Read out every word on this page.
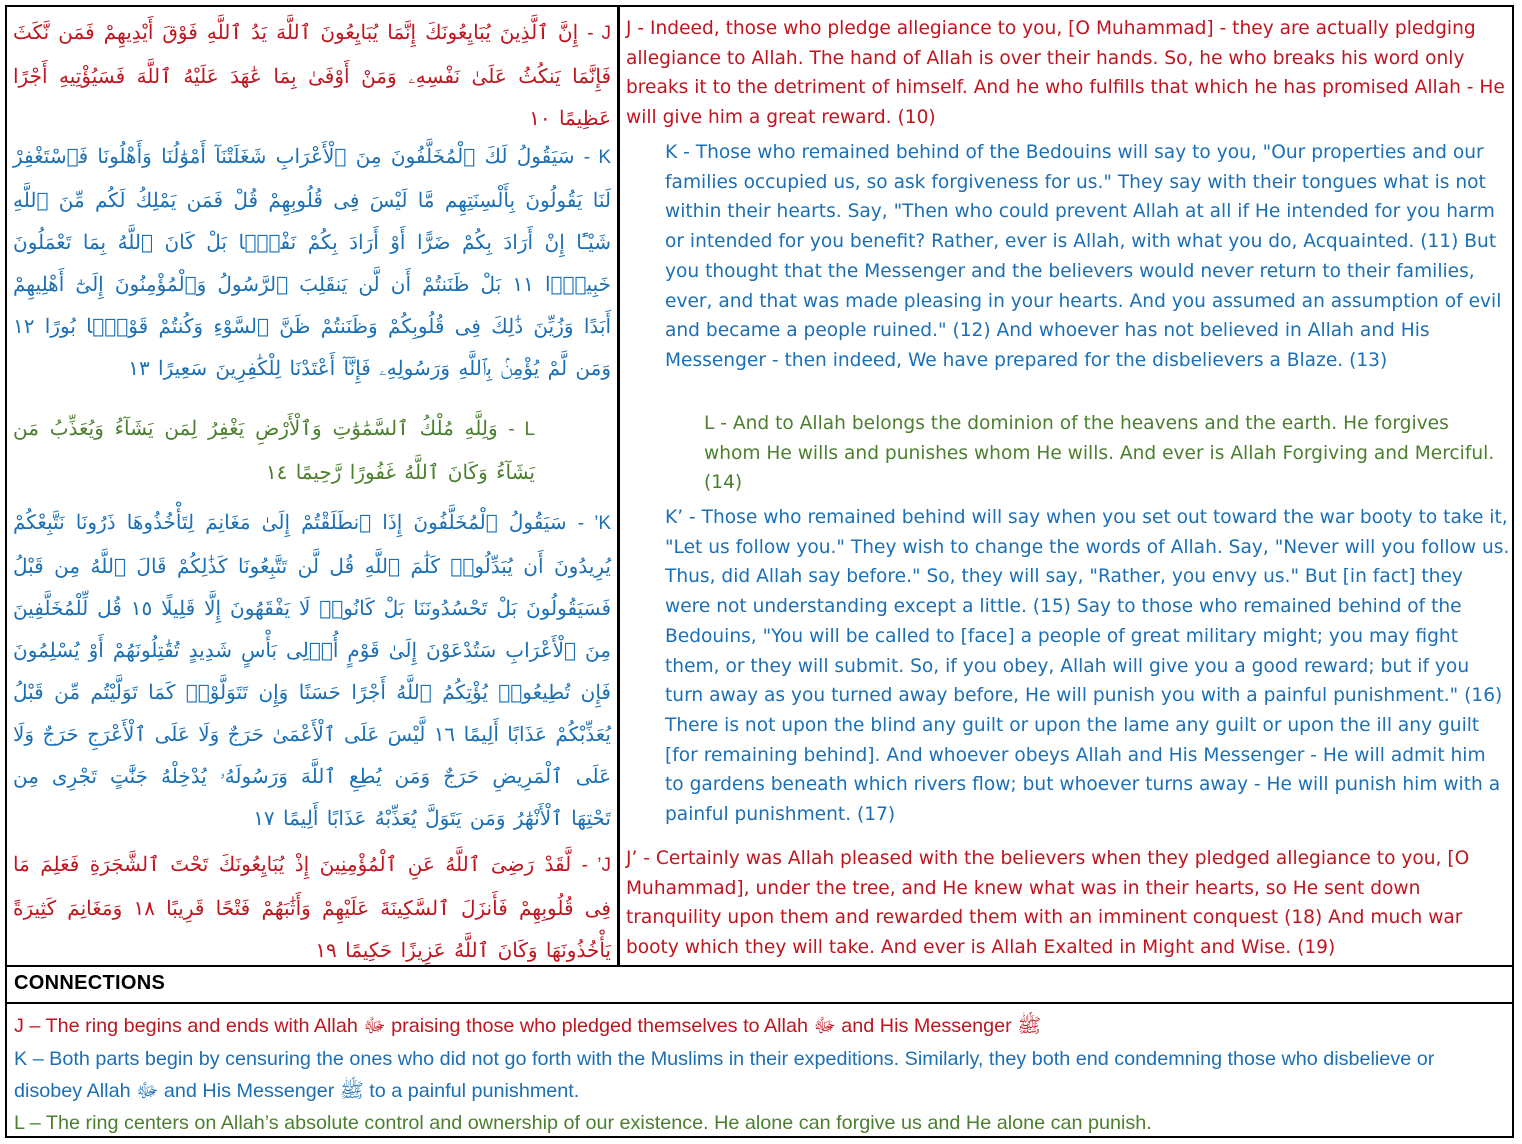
J - إِنَّ ٱلَّذِينَ يُبَايِعُونَكَ إِنَّمَا يُبَايِعُونَ ٱللَّهَ يَدُ ٱللَّهِ فَوْقَ أَيْدِيهِمْ فَمَن نَّكَثَ فَإِنَّمَا يَنكُثُ عَلَىٰ نَفْسِهِۦ وَمَنْ أَوْفَىٰ بِمَا عَٰهَدَ عَلَيْهُ ٱللَّهَ فَسَيُؤْتِيهِ أَجْرًا عَظِيمًا ١٠
K - سَيَقُولُ لَكَ ٱلْمُخَلَّفُونَ مِنَ ٱلْأَعْرَابِ شَغَلَتْنَآ أَمْوَٰلُنَا وَأَهْلُونَا فَٱسْتَغْفِرْ لَنَا يَقُولُونَ بِأَلْسِنَتِهِم مَّا لَيْسَ فِى قُلُوبِهِمْ قُلْ فَمَن يَمْلِكُ لَكُم مِّنَ ٱللَّهِ شَيْـًٔا إِنْ أَرَادَ بِكُمْ ضَرًّا أَوْ أَرَادَ بِكُمْ نَفْعًۢا بَلْ كَانَ ٱللَّهُ بِمَا تَعْمَلُونَ خَبِيرًۢا ١١ بَلْ ظَنَنتُمْ أَن لَّن يَنقَلِبَ ٱلرَّسُولُ وَٱلْمُؤْمِنُونَ إِلَىٰٓ أَهْلِيهِمْ أَبَدًا وَزُيِّنَ ذَٰلِكَ فِى قُلُوبِكُمْ وَظَنَنتُمْ ظَنَّ ٱلسَّوْءِ وَكُنتُمْ قَوْمًۢا بُورًا ١٢ وَمَن لَّمْ يُؤْمِنۢ بِٱللَّهِ وَرَسُولِهِۦ فَإِنَّآ أَعْتَدْنَا لِلْكَٰفِرِينَ سَعِيرًا ١٣
L - وَلِلَّهِ مُلْكُ ٱلسَّمَٰوَٰتِ وَٱلْأَرْضِ يَغْفِرُ لِمَن يَشَآءُ وَيُعَذِّبُ مَن يَشَآءُ وَكَانَ ٱللَّهُ غَفُورًا رَّحِيمًا ١٤
K’ - سَيَقُولُ ٱلْمُخَلَّفُونَ إِذَا ٱنطَلَقْتُمْ إِلَىٰ مَغَانِمَ لِتَأْخُذُوهَا ذَرُونَا نَتَّبِعْكُمْ يُرِيدُونَ أَن يُبَدِّلُوا۟ كَلَٰمَ ٱللَّهِ قُل لَّن تَتَّبِعُونَا كَذَٰلِكُمْ قَالَ ٱللَّهُ مِن قَبْلُ فَسَيَقُولُونَ بَلْ تَحْسُدُونَنَا بَلْ كَانُوا۟ لَا يَفْقَهُونَ إِلَّا قَلِيلًا ١٥ قُل لِّلْمُخَلَّفِينَ مِنَ ٱلْأَعْرَابِ سَتُدْعَوْنَ إِلَىٰ قَوْمٍ أُو۟لِى بَأْسٍ شَدِيدٍ تُقَٰتِلُونَهُمْ أَوْ يُسْلِمُونَ فَإِن تُطِيعُوا۟ يُؤْتِكُمُ ٱللَّهُ أَجْرًا حَسَنًا وَإِن تَتَوَلَّوْا۟ كَمَا تَوَلَّيْتُم مِّن قَبْلُ يُعَذِّبْكُمْ عَذَابًا أَلِيمًا ١٦ لَّيْسَ عَلَى ٱلْأَعْمَىٰ حَرَجٌ وَلَا عَلَى ٱلْأَعْرَجِ حَرَجٌ وَلَا عَلَى ٱلْمَرِيضِ حَرَجٌ وَمَن يُطِعِ ٱللَّهَ وَرَسُولَهُۥ يُدْخِلْهُ جَنَّٰتٍ تَجْرِى مِن تَحْتِهَا ٱلْأَنْهَٰرُ وَمَن يَتَوَلَّ يُعَذِّبْهُ عَذَابًا أَلِيمًا ١٧
J’ - لَّقَدْ رَضِىَ ٱللَّهُ عَنِ ٱلْمُؤْمِنِينَ إِذْ يُبَايِعُونَكَ تَحْتَ ٱلشَّجَرَةِ فَعَلِمَ مَا فِى قُلُوبِهِمْ فَأَنزَلَ ٱلسَّكِينَةَ عَلَيْهِمْ وَأَثَٰبَهُمْ فَتْحًا قَرِيبًا ١٨ وَمَغَانِمَ كَثِيرَةً يَأْخُذُونَهَا وَكَانَ ٱللَّهُ عَزِيزًا حَكِيمًا ١٩
J - Indeed, those who pledge allegiance to you, [O Muhammad] - they are actually pledging allegiance to Allah. The hand of Allah is over their hands. So, he who breaks his word only breaks it to the detriment of himself. And he who fulfills that which he has promised Allah - He will give him a great reward. (10)
K - Those who remained behind of the Bedouins will say to you, "Our properties and our families occupied us, so ask forgiveness for us." They say with their tongues what is not within their hearts. Say, "Then who could prevent Allah at all if He intended for you harm or intended for you benefit? Rather, ever is Allah, with what you do, Acquainted. (11) But you thought that the Messenger and the believers would never return to their families, ever, and that was made pleasing in your hearts. And you assumed an assumption of evil and became a people ruined." (12) And whoever has not believed in Allah and His Messenger - then indeed, We have prepared for the disbelievers a Blaze. (13)
L - And to Allah belongs the dominion of the heavens and the earth. He forgives whom He wills and punishes whom He wills. And ever is Allah Forgiving and Merciful. (14)
K’ - Those who remained behind will say when you set out toward the war booty to take it, "Let us follow you." They wish to change the words of Allah. Say, "Never will you follow us. Thus, did Allah say before." So, they will say, "Rather, you envy us." But [in fact] they were not understanding except a little. (15) Say to those who remained behind of the Bedouins, "You will be called to [face] a people of great military might; you may fight them, or they will submit. So, if you obey, Allah will give you a good reward; but if you turn away as you turned away before, He will punish you with a painful punishment." (16) There is not upon the blind any guilt or upon the lame any guilt or upon the ill any guilt [for remaining behind]. And whoever obeys Allah and His Messenger - He will admit him to gardens beneath which rivers flow; but whoever turns away - He will punish him with a painful punishment. (17)
J’ - Certainly was Allah pleased with the believers when they pledged allegiance to you, [O Muhammad], under the tree, and He knew what was in their hearts, so He sent down tranquility upon them and rewarded them with an imminent conquest (18) And much war booty which they will take. And ever is Allah Exalted in Might and Wise. (19)
CONNECTIONS
J – The ring begins and ends with Allah ﷻ praising those who pledged themselves to Allah ﷻ and His Messenger ﷺ
K – Both parts begin by censuring the ones who did not go forth with the Muslims in their expeditions. Similarly, they both end condemning those who disbelieve or disobey Allah ﷻ and His Messenger ﷺ to a painful punishment.
L – The ring centers on Allah’s absolute control and ownership of our existence. He alone can forgive us and He alone can punish.
